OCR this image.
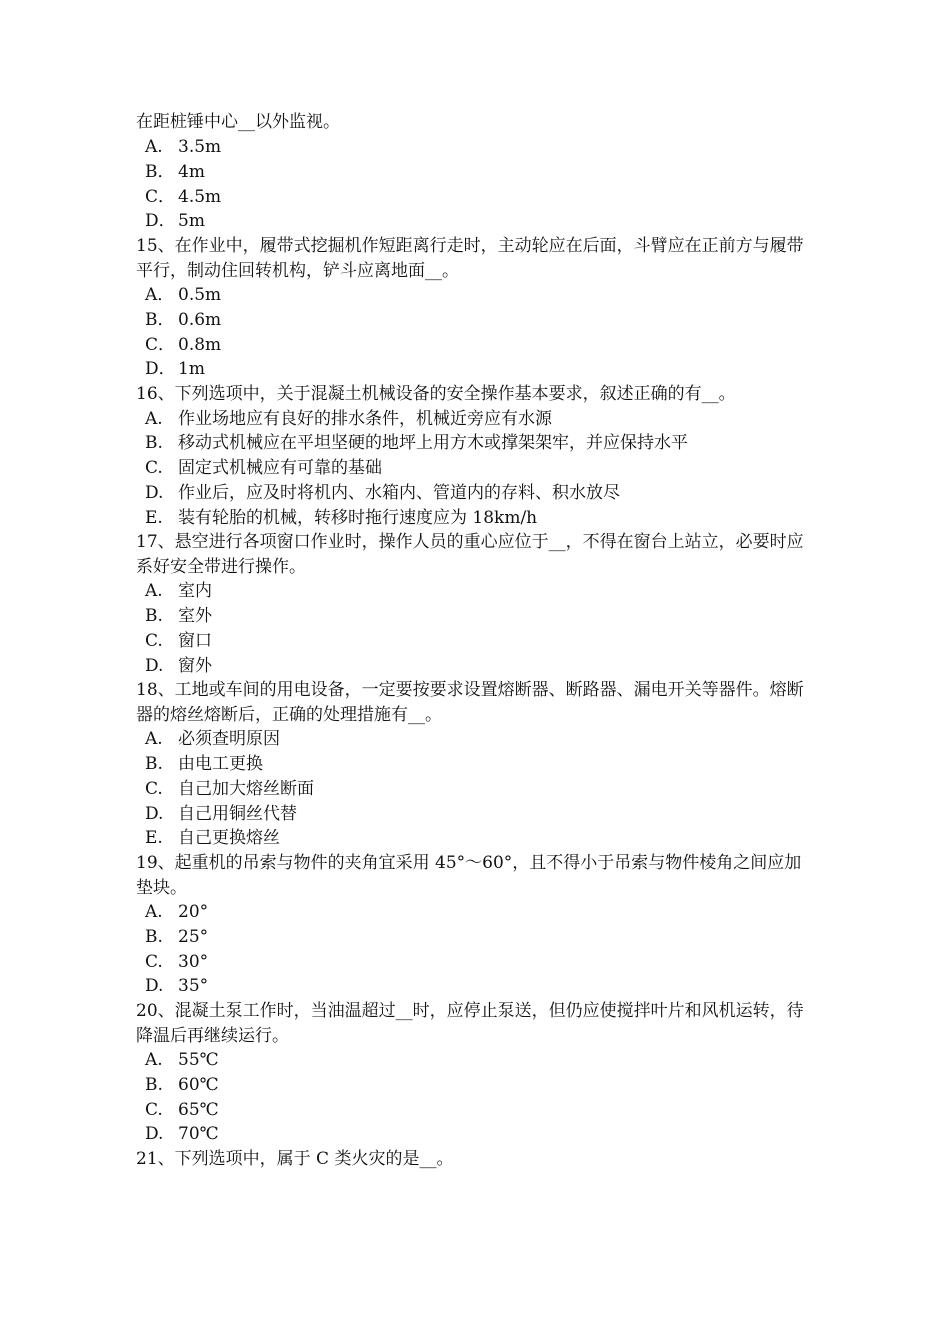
在距桩锤中心__以外监视。
A. 3.5m
B． 4m
C． 4.5m
D． 5m
15、在作业中，履带式挖掘机作短距离行走时，主动轮应在后面，斗臂应在正前方与履带平行，制动住回转机构，铲斗应离地面__。
A． 0.5m
B． 0.6m
C． 0.8m
D． 1m
16、下列选项中，关于混凝土机械设备的安全操作基本要求，叙述正确的有__。
A. 作业场地应有良好的排水条件，机械近旁应有水源
B. 移动式机械应在平坦坚硬的地坪上用方木或撑架架牢，并应保持水平
C. 固定式机械应有可靠的基础
D. 作业后，应及时将机内、水箱内、管道内的存料、积水放尽
E. 装有轮胎的机械，转移时拖行速度应为 18km/h
17、悬空进行各项窗口作业时，操作人员的重心应位于__，不得在窗台上站立，必要时应系好安全带进行操作。
A. 室内
B. 室外
C. 窗口
D. 窗外
18、工地或车间的用电设备，一定要按要求设置熔断器、断路器、漏电开关等器件。熔断器的熔丝熔断后，正确的处理措施有__。
A. 必须查明原因
B. 由电工更换
C. 自己加大熔丝断面
D. 自己用铜丝代替
E. 自己更换熔丝
19、起重机的吊索与物件的夹角宜采用 45°～60°，且不得小于吊索与物件棱角之间应加垫块。
A. 20°
B. 25°
C. 30°
D. 35°
20、混凝土泵工作时，当油温超过__时，应停止泵送，但仍应使搅拌叶片和风机运转，待降温后再继续运行。
A. 55℃
B. 60℃
C. 65℃
D. 70℃
21、下列选项中，属于 C 类火灾的是__。
